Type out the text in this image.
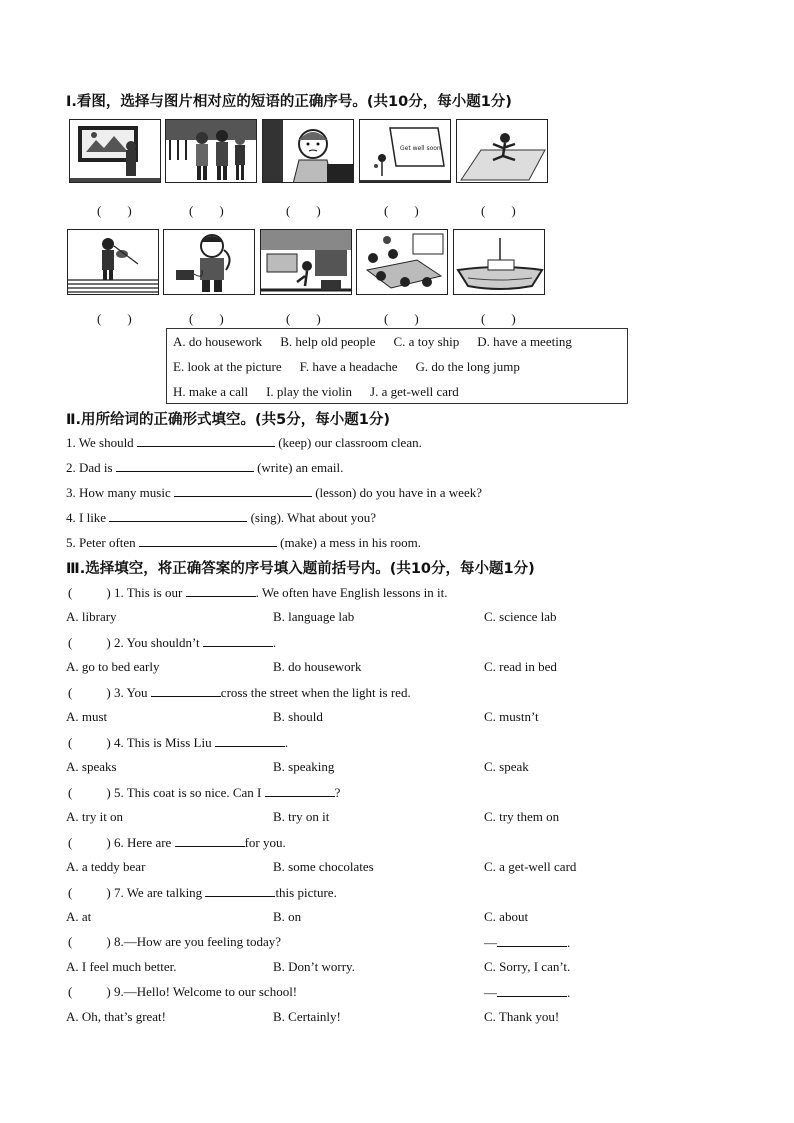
Ⅰ.看图，选择与图片相对应的短语的正确序号。(共10分，每小题1分)
Get well soon
(　　)	(　　)	(　　)	(　　)	(　　)
(　　)	(　　)	(　　)	(　　)	(　　)
A. do housework B. help old people C. a toy ship D. have a meeting
E. look at the picture F. have a headache G. do the long jump
H. make a call I. play the violin J. a get-well card
Ⅱ.用所给词的正确形式填空。(共5分，每小题1分)
1. We should	(keep) our classroom clean.
2. Dad is	(write) an email.
3. How many music	(lesson) do you have in a week?
4. I like	(sing). What about you?
5. Peter often	(make) a mess in his room.
Ⅲ.选择填空，将正确答案的序号填入题前括号内。(共10分，每小题1分)
(	) 1. This is our	. We often have English lessons in it.
A. library	B. language lab	C. science lab
(	) 2. You shouldn’t	.
A. go to bed early	B. do housework	C. read in bed
(	) 3. You	cross the street when the light is red.
A. must	B. should	C. mustn’t
(	) 4. This is Miss Liu	.
A. speaks	B. speaking	C. speak
(	) 5. This coat is so nice. Can I	?
A. try it on	B. try on it	C. try them on
(	) 6. Here are	for you.
A. a teddy bear	B. some chocolates	C. a get-well card
(	) 7. We are talking	this picture.
A. at	B. on	C. about
(	) 8.—How are you feeling today?	—	.
A. I feel much better.	B. Don’t worry.	C. Sorry, I can’t.
(	) 9.—Hello! Welcome to our school!	—	.
A. Oh, that’s great!	B. Certainly!	C. Thank you!
